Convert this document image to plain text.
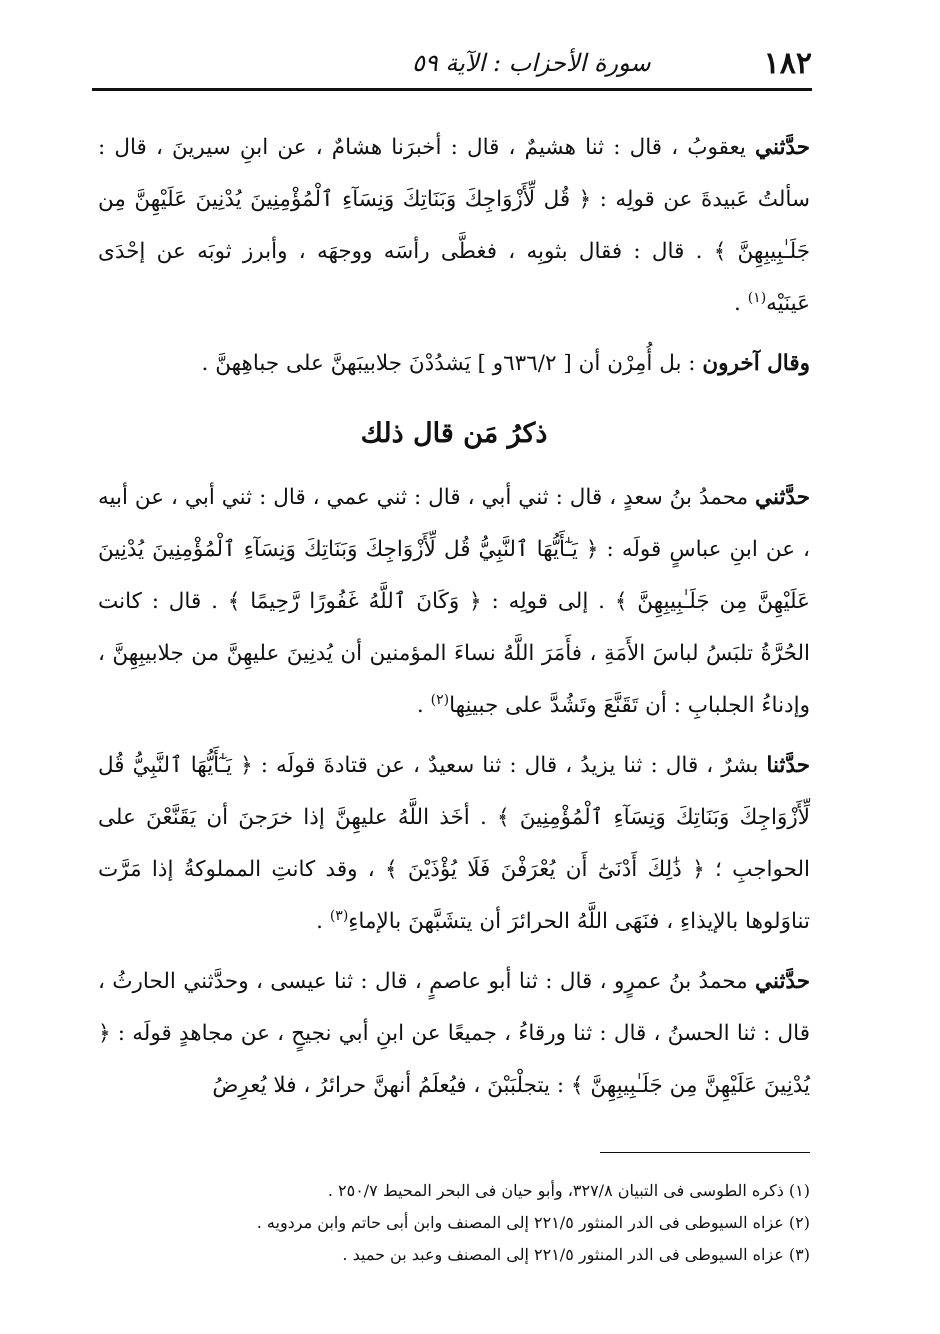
١٨٢
سورة الأحزاب : الآية ٥٩

حدَّثني يعقوبُ ، قال : ثنا هشيمٌ ، قال : أخبرَنا هشامٌ ، عن ابنِ سيرينَ ، قال : سألتُ عَبيدةَ عن قولِه : ﴿ قُل لِّأَزْوَاجِكَ وَبَنَاتِكَ وَنِسَآءِ ٱلْمُؤْمِنِينَ يُدْنِينَ عَلَيْهِنَّ مِن جَلَـٰبِيبِهِنَّ ﴾ . قال : فقال بثوبِه ، فغطَّى رأسَه ووجهَه ، وأبرز ثوبَه عن إحْدَى عَينَيْه$^{(١)}$ .

وقال آخرون : بل أُمِرْن أن [ ٦٣٦/٢و ] يَشدُدْنَ جلابيبَهنَّ على جباهِهنَّ .

ذكرُ مَن قال ذلك

حدَّثني محمدُ بنُ سعدٍ ، قال : ثني أبي ، قال : ثني عمي ، قال : ثني أبي ، عن أبيه ، عن ابنِ عباسٍ قولَه : ﴿ يَـٰٓأَيُّهَا ٱلنَّبِيُّ قُل لِّأَزْوَاجِكَ وَبَنَاتِكَ وَنِسَآءِ ٱلْمُؤْمِنِينَ يُدْنِينَ عَلَيْهِنَّ مِن جَلَـٰبِيبِهِنَّ ﴾ . إلى قولِه : ﴿ وَكَانَ ٱللَّهُ غَفُورًا رَّحِيمًا ﴾ . قال : كانت الحُرَّةُ تلبَسُ لباسَ الأَمَةِ ، فأَمَرَ اللَّهُ نساءَ المؤمنين أن يُدنِينَ عليهِنَّ من جلابيبِهِنَّ ، وإدناءُ الجلبابِ : أن تَقَنَّعَ وتَشُدَّ على جبينِها$^{(٢)}$ .

حدَّثنا بشرٌ ، قال : ثنا يزيدُ ، قال : ثنا سعيدٌ ، عن قتادةَ قولَه : ﴿ يَـٰٓأَيُّهَا ٱلنَّبِيُّ قُل لِّأَزْوَاجِكَ وَبَنَاتِكَ وَنِسَآءِ ٱلْمُؤْمِنِينَ ﴾ . أخَذ اللَّهُ عليهِنَّ إذا خرَجنَ أن يَقَنَّعْنَ على الحواجبِ ؛ ﴿ ذَٰلِكَ أَدْنَىٰٓ أَن يُعْرَفْنَ فَلَا يُؤْذَيْنَ ﴾ ، وقد كانتِ المملوكةُ إذا مَرَّت تناوَلوها بالإيذاءِ ، فنَهَى اللَّهُ الحرائرَ أن يتشَبَّهنَ بالإماءِ$^{(٣)}$ .

حدَّثني محمدُ بنُ عمرٍو ، قال : ثنا أبو عاصمٍ ، قال : ثنا عيسى ، وحدَّثني الحارثُ ، قال : ثنا الحسنُ ، قال : ثنا ورقاءُ ، جميعًا عن ابنِ أبي نجيحٍ ، عن مجاهدٍ قولَه : ﴿ يُدْنِينَ عَلَيْهِنَّ مِن جَلَـٰبِيبِهِنَّ ﴾ : يتجلْبَبْنَ ، فيُعلَمُ أنهنَّ حرائرُ ، فلا يُعرِضُ

(١) ذكره الطوسى فى التبيان ٣٢٧/٨، وأبو حيان فى البحر المحيط ٢٥٠/٧ .

(٢) عزاه السيوطى فى الدر المنثور ٢٢١/٥ إلى المصنف وابن أبى حاتم وابن مردويه .

(٣) عزاه السيوطى فى الدر المنثور ٢٢١/٥ إلى المصنف وعبد بن حميد .
